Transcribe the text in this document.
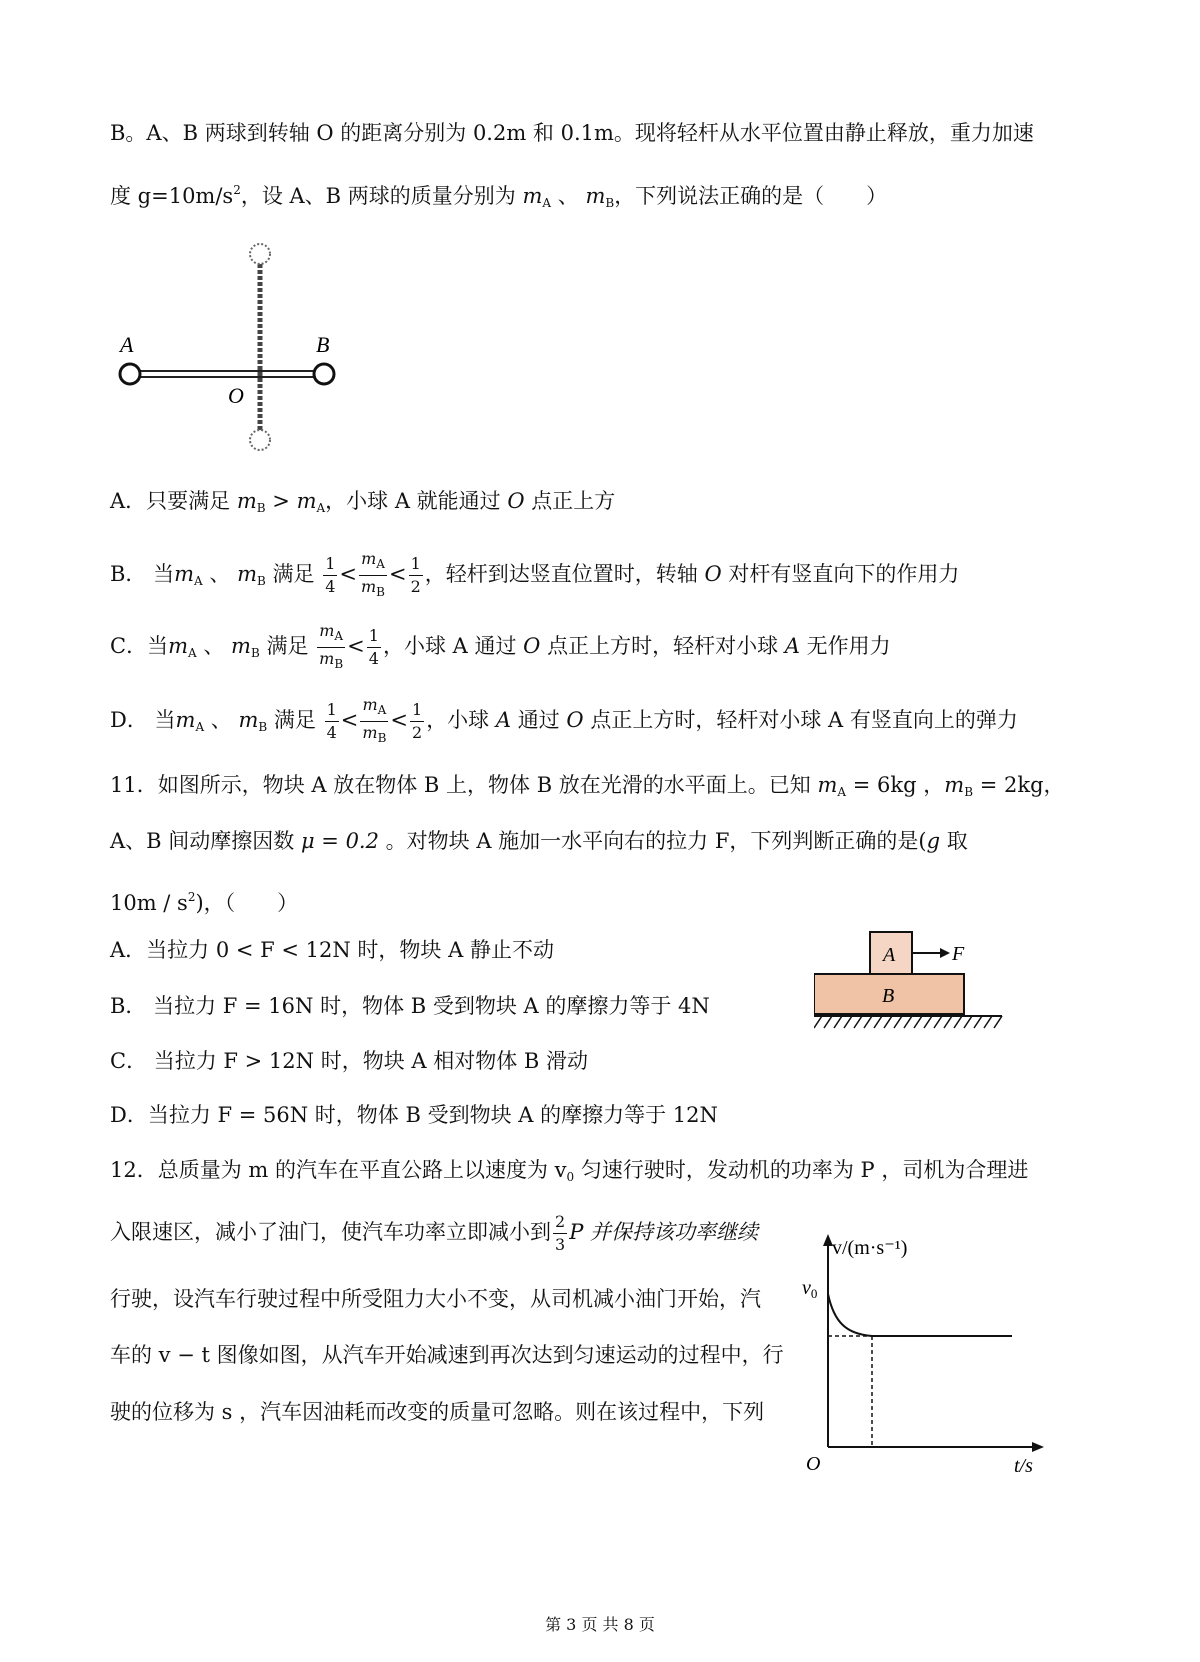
B。A、B 两球到转轴 O 的距离分别为 0.2m 和 0.1m。现将轻杆从水平位置由静止释放，重力加速
度 $g=10m/s^2$，设 A、B 两球的质量分别为 $m_A$ 、 $m_B$，下列说法正确的是（　　）
A	B
O
A．只要满足 $m_B > m_A$，小球 A 就能通过 O 点正上方
B． 当$m_A$ 、 $m_B$ 满足 $\frac{1}{4} < \frac{m_A}{m_B} < \frac{1}{2}$ ，轻杆到达竖直位置时，转轴 O 对杆有竖直向下的作用力
C．当$m_A$ 、 $m_B$ 满足 $\frac{m_A}{m_B} < \frac{1}{4}$ ，小球 A 通过 O 点正上方时，轻杆对小球 A 无作用力
D． 当$m_A$ 、 $m_B$ 满足 $\frac{1}{4} < \frac{m_A}{m_B} < \frac{1}{2}$ ，小球 A 通过 O 点正上方时，轻杆对小球 A 有竖直向上的弹力
11．如图所示，物块 A 放在物体 B 上，物体 B 放在光滑的水平面上。已知 $m_A = 6kg$ ，$m_B = 2kg$，
A、B 间动摩擦因数 μ = 0.2 。对物块 A 施加一水平向右的拉力 F，下列判断正确的是(g 取
$10m / s^2$)，（　　）
A．当拉力 0 < F < 12N 时，物块 A 静止不动
B． 当拉力 F = 16N 时，物体 B 受到物块 A 的摩擦力等于 4N
C． 当拉力 F > 12N 时，物块 A 相对物体 B 滑动
D．当拉力 F = 56N 时，物体 B 受到物块 A 的摩擦力等于 12N
A
B
F
12．总质量为 m 的汽车在平直公路上以速度为 $v_0$ 匀速行驶时，发动机的功率为 P ，司机为合理进
入限速区，减小了油门，使汽车功率立即减小到 $\frac{2}{3}$ P 并保持该功率继续
行驶，设汽车行驶过程中所受阻力大小不变，从司机减小油门开始，汽
车的 v − t 图像如图，从汽车开始减速到再次达到匀速运动的过程中，行
驶的位移为 s ，汽车因油耗而改变的质量可忽略。则在该过程中，下列
v/(m·s⁻¹)
$v_0$
O	t/s
第 3 页 共 8 页
